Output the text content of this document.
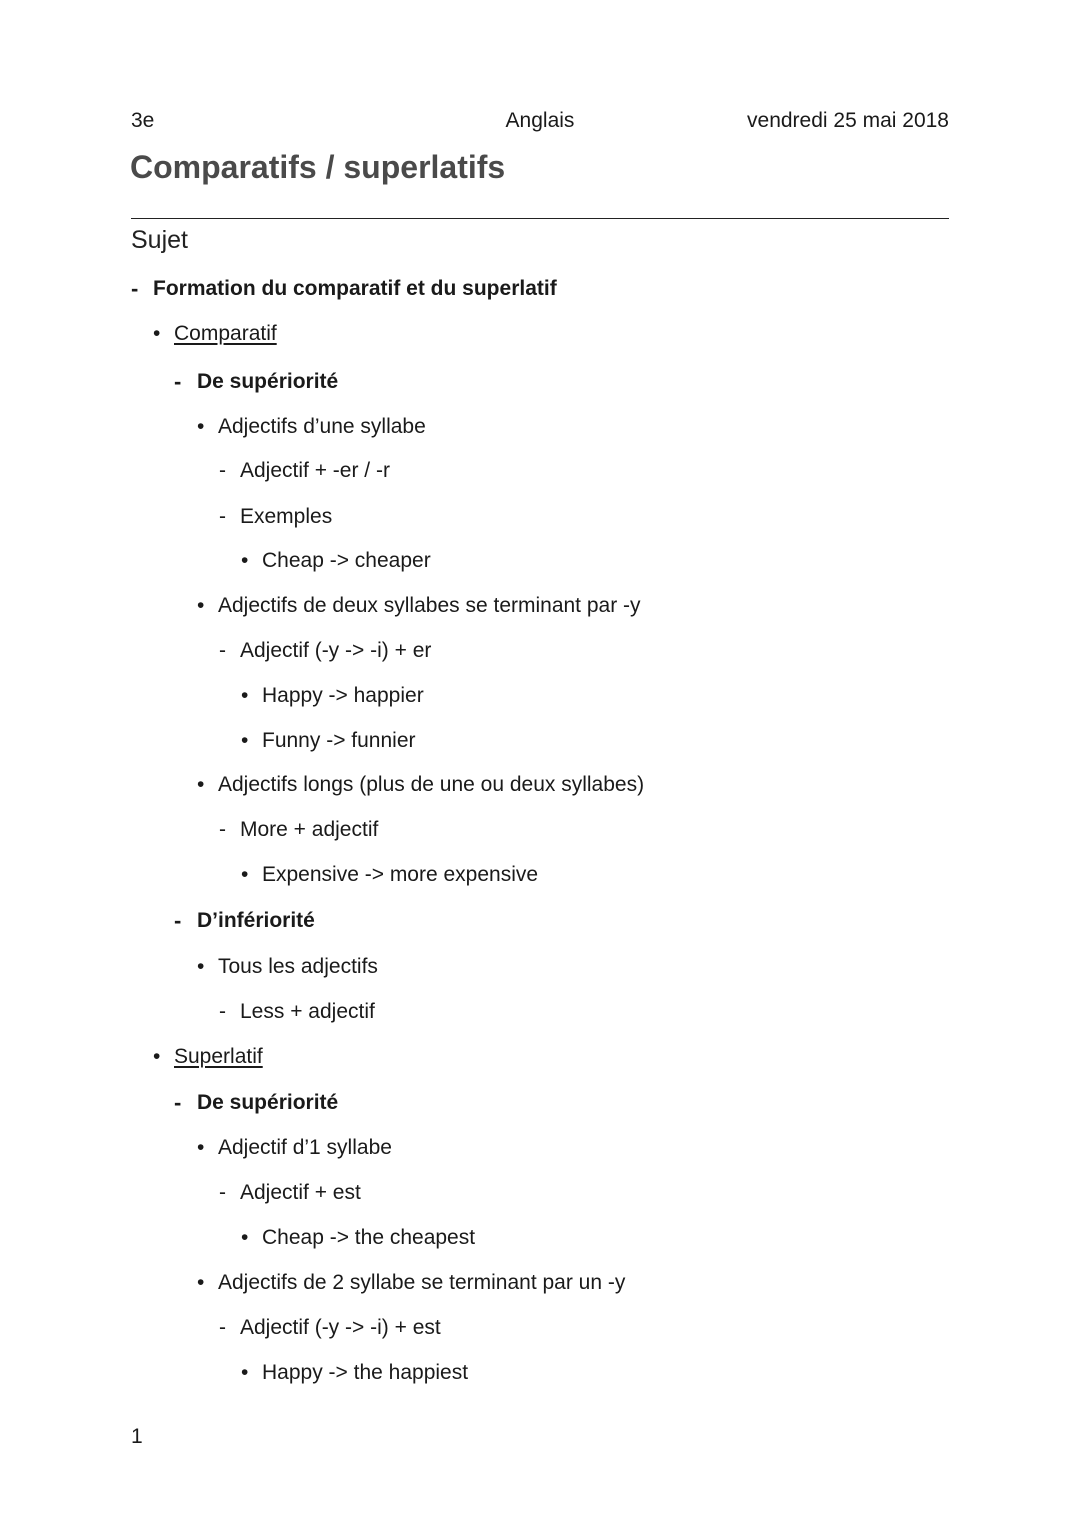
3e	Anglais	vendredi 25 mai 2018
Comparatifs / superlatifs
Sujet
- Formation du comparatif et du superlatif
• Comparatif
- De supériorité
• Adjectifs d’une syllabe
- Adjectif + -er / -r
- Exemples
• Cheap -> cheaper
• Adjectifs de deux syllabes se terminant par -y
- Adjectif (-y -> -i) + er
• Happy -> happier
• Funny -> funnier
• Adjectifs longs (plus de une ou deux syllabes)
- More + adjectif
• Expensive -> more expensive
- D’infériorité
• Tous les adjectifs
- Less + adjectif
• Superlatif
- De supériorité
• Adjectif d’1 syllabe
- Adjectif + est
• Cheap -> the cheapest
• Adjectifs de 2 syllabe se terminant par un -y
- Adjectif (-y -> -i) + est
• Happy -> the happiest
1
